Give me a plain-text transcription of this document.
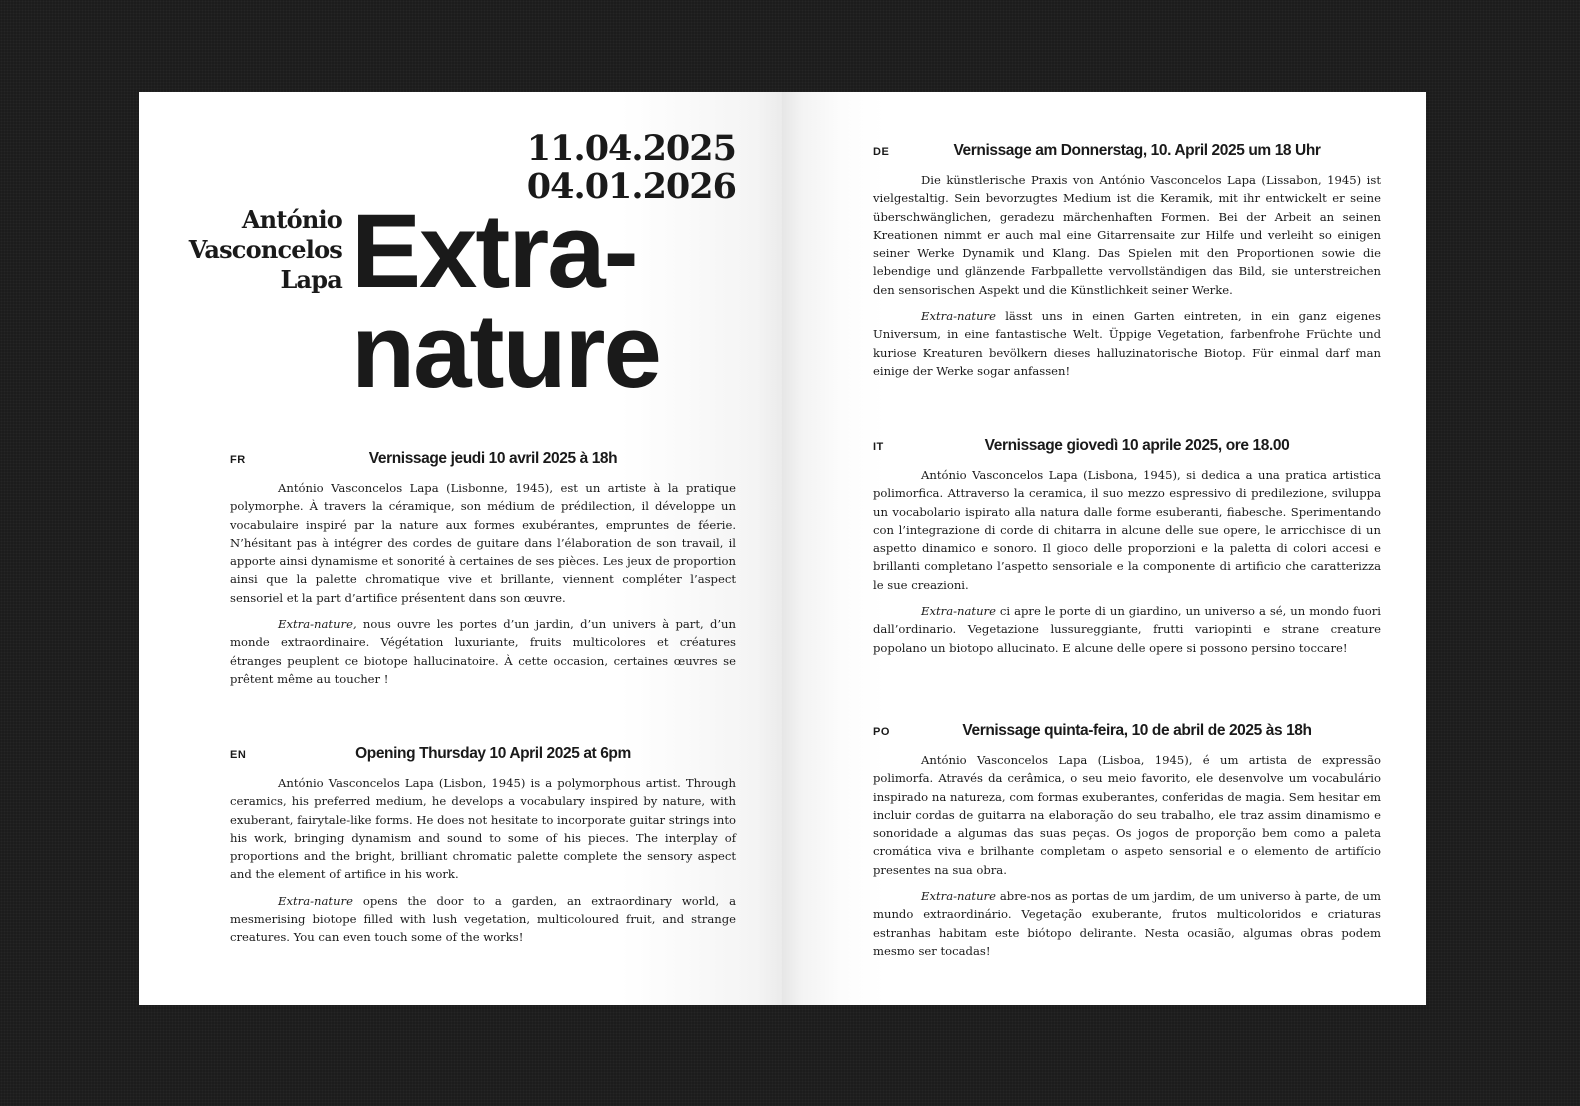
11.04.2025
04.01.2026
António
Vasconcelos
Lapa Extra-
nature
FR	Vernissage jeudi 10 avril 2025 à 18h

António Vasconcelos Lapa (Lisbonne, 1945), est un artiste à la pratique polymorphe. À travers la céramique, son médium de prédilection, il développe un vocabulaire inspiré par la nature aux formes exubérantes, empruntes de féerie. N’hésitant pas à intégrer des cordes de guitare dans l’élaboration de son travail, il apporte ainsi dynamisme et sonorité à certaines de ses pièces. Les jeux de proportion ainsi que la palette chromatique vive et brillante, viennent compléter l’aspect sensoriel et la part d’artifice présentent dans son œuvre.

Extra-nature, nous ouvre les portes d’un jardin, d’un univers à part, d’un monde extraordinaire. Végétation luxuriante, fruits multicolores et créatures étranges peuplent ce biotope hallucinatoire. À cette occasion, certaines œuvres se prêtent même au toucher !

EN	Opening Thursday 10 April 2025 at 6pm

António Vasconcelos Lapa (Lisbon, 1945) is a polymorphous artist. Through ceramics, his preferred medium, he develops a vocabulary inspired by nature, with exuberant, fairytale-like forms. He does not hesitate to incorporate guitar strings into his work, bringing dynamism and sound to some of his pieces. The interplay of proportions and the bright, brilliant chromatic palette complete the sensory aspect and the element of artifice in his work.

Extra-nature opens the door to a garden, an extraordinary world, a mesmerising biotope filled with lush vegetation, multicoloured fruit, and strange creatures. You can even touch some of the works!

DE	Vernissage am Donnerstag, 10. April 2025 um 18 Uhr

Die künstlerische Praxis von António Vasconcelos Lapa (Lissabon, 1945) ist vielgestaltig. Sein bevorzugtes Medium ist die Keramik, mit ihr entwickelt er seine überschwänglichen, geradezu märchenhaften Formen. Bei der Arbeit an seinen Kreationen nimmt er auch mal eine Gitarrensaite zur Hilfe und verleiht so einigen seiner Werke Dynamik und Klang. Das Spielen mit den Proportionen sowie die lebendige und glänzende Farbpallette vervollständigen das Bild, sie unterstreichen den sensorischen Aspekt und die Künstlichkeit seiner Werke.

Extra-nature lässt uns in einen Garten eintreten, in ein ganz eigenes Universum, in eine fantastische Welt. Üppige Vegetation, farbenfrohe Früchte und kuriose Kreaturen bevölkern dieses halluzinatorische Biotop. Für einmal darf man einige der Werke sogar anfassen!

IT	Vernissage giovedì 10 aprile 2025, ore 18.00

António Vasconcelos Lapa (Lisbona, 1945), si dedica a una pratica artistica polimorfica. Attraverso la ceramica, il suo mezzo espressivo di predilezione, sviluppa un vocabolario ispirato alla natura dalle forme esuberanti, fiabesche. Sperimentando con l’integrazione di corde di chitarra in alcune delle sue opere, le arricchisce di un aspetto dinamico e sonoro. Il gioco delle proporzioni e la paletta di colori accesi e brillanti completano l’aspetto sensoriale e la componente di artificio che caratterizza le sue creazioni.

Extra-nature ci apre le porte di un giardino, un universo a sé, un mondo fuori dall’ordinario. Vegetazione lussureggiante, frutti variopinti e strane creature popolano un biotopo allucinato. E alcune delle opere si possono persino toccare!

PO	Vernissage quinta-feira, 10 de abril de 2025 às 18h

António Vasconcelos Lapa (Lisboa, 1945), é um artista de expressão polimorfa. Através da cerâmica, o seu meio favorito, ele desenvolve um vocabulário inspirado na natureza, com formas exuberantes, conferidas de magia. Sem hesitar em incluir cordas de guitarra na elaboração do seu trabalho, ele traz assim dinamismo e sonoridade a algumas das suas peças. Os jogos de proporção bem como a paleta cromática viva e brilhante completam o aspeto sensorial e o elemento de artifício presentes na sua obra.

Extra-nature abre-nos as portas de um jardim, de um universo à parte, de um mundo extraordinário. Vegetação exuberante, frutos multicoloridos e criaturas estranhas habitam este biótopo delirante. Nesta ocasião, algumas obras podem mesmo ser tocadas!
